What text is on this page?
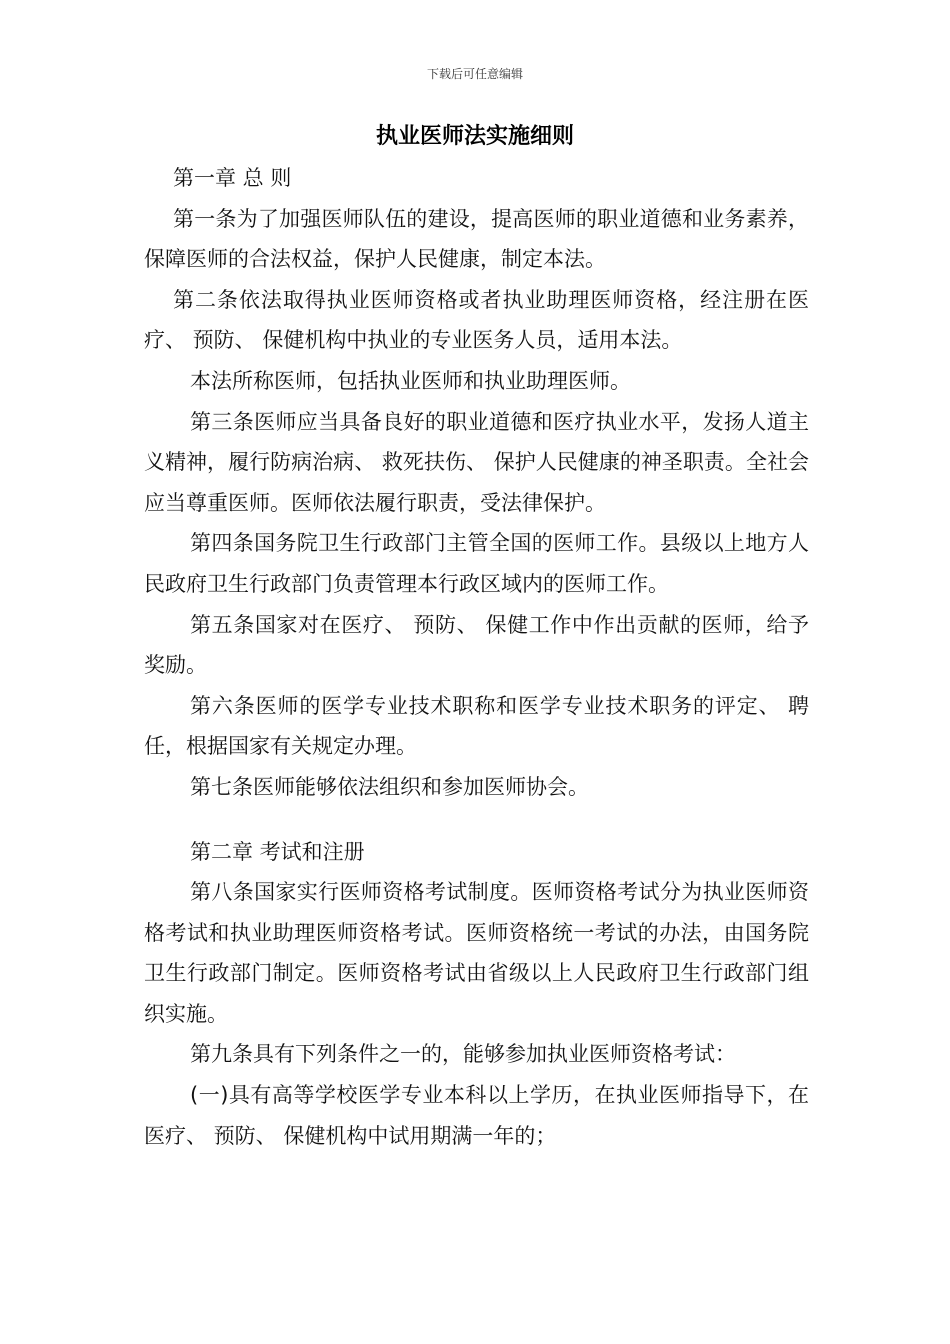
下载后可任意编辑
执业医师法实施细则

第一章 总 则

第一条为了加强医师队伍的建设，提高医师的职业道德和业务素养，保障医师的合法权益，保护人民健康，制定本法。

第二条依法取得执业医师资格或者执业助理医师资格，经注册在医疗、 预防、 保健机构中执业的专业医务人员，适用本法。

本法所称医师，包括执业医师和执业助理医师。

第三条医师应当具备良好的职业道德和医疗执业水平，发扬人道主义精神，履行防病治病、 救死扶伤、 保护人民健康的神圣职责。全社会应当尊重医师。医师依法履行职责，受法律保护。

第四条国务院卫生行政部门主管全国的医师工作。县级以上地方人民政府卫生行政部门负责管理本行政区域内的医师工作。

第五条国家对在医疗、 预防、 保健工作中作出贡献的医师，给予奖励。

第六条医师的医学专业技术职称和医学专业技术职务的评定、 聘任，根据国家有关规定办理。

第七条医师能够依法组织和参加医师协会。

第二章 考试和注册

第八条国家实行医师资格考试制度。医师资格考试分为执业医师资格考试和执业助理医师资格考试。医师资格统一考试的办法，由国务院卫生行政部门制定。医师资格考试由省级以上人民政府卫生行政部门组织实施。

第九条具有下列条件之一的，能够参加执业医师资格考试：

(一)具有高等学校医学专业本科以上学历，在执业医师指导下，在医疗、 预防、 保健机构中试用期满一年的；
